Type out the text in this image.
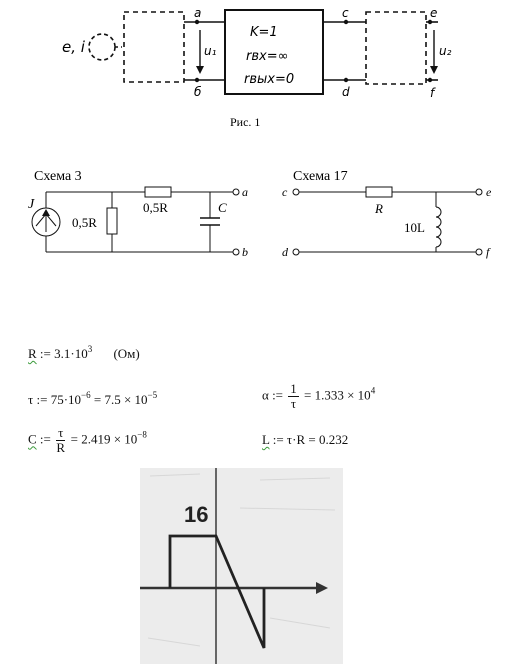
e, i
a
б
u₁
K=1
rвх=∞
rвых=0
c
d
e
f
u₂
Рис. 1
Схема 3
a
b
J
0,5R
0,5R	C
Схема 17
c	e
R
d	f
10L
R := $3.1\cdot 10^3$ (Ом)
τ := $75\cdot 10^{-6} = 7.5 \times 10^{-5}$	α := $\frac{1}{\tau} = 1.333 \times 10^4$
C := $\frac{\tau}{R} = 2.419 \times 10^{-8}$	L := τ·R = 0.232
16
